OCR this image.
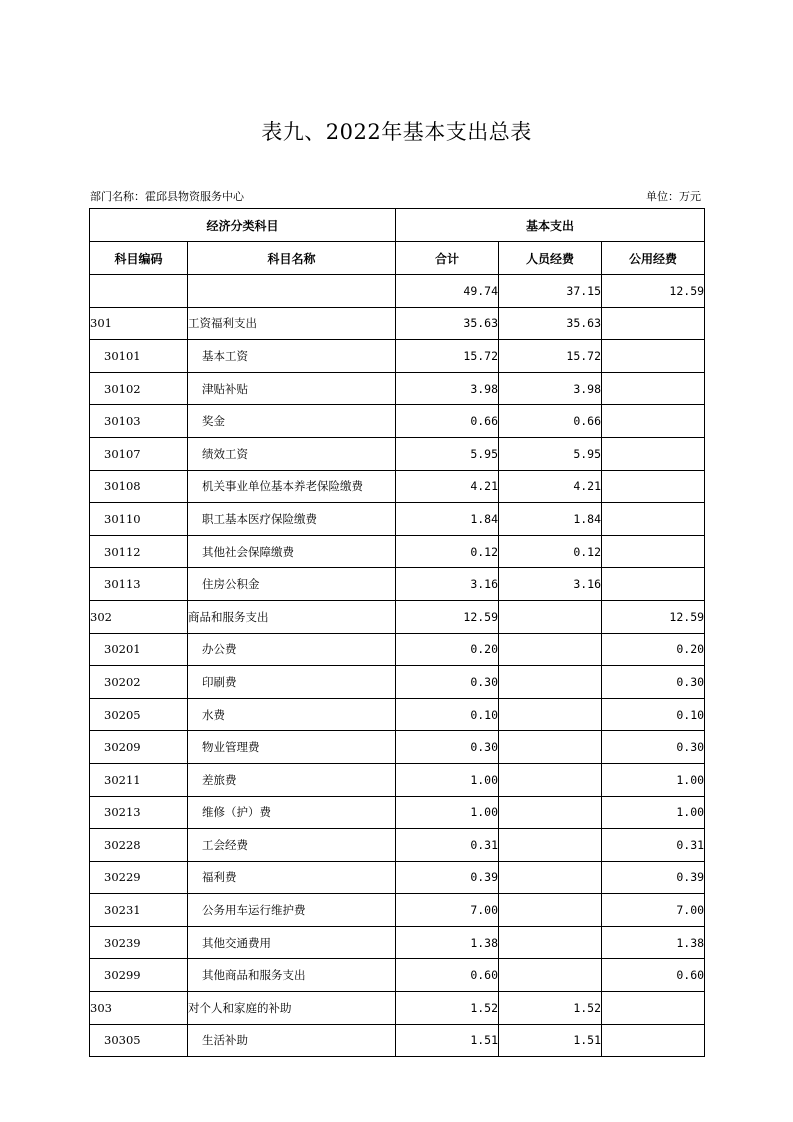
表九、2022年基本支出总表
部门名称：霍邱县物资服务中心	单位：万元
经济分类科目		基本支出		
科目编码	科目名称	合计	人员经费	公用经费
		49.74	37.15	12.59
301	工资福利支出	35.63	35.63	
30101	基本工资	15.72	15.72	
30102	津贴补贴	3.98	3.98	
30103	奖金	0.66	0.66	
30107	绩效工资	5.95	5.95	
30108	机关事业单位基本养老保险缴费	4.21	4.21	
30110	职工基本医疗保险缴费	1.84	1.84	
30112	其他社会保障缴费	0.12	0.12	
30113	住房公积金	3.16	3.16	
302	商品和服务支出	12.59		12.59
30201	办公费	0.20		0.20
30202	印刷费	0.30		0.30
30205	水费	0.10		0.10
30209	物业管理费	0.30		0.30
30211	差旅费	1.00		1.00
30213	维修（护）费	1.00		1.00
30228	工会经费	0.31		0.31
30229	福利费	0.39		0.39
30231	公务用车运行维护费	7.00		7.00
30239	其他交通费用	1.38		1.38
30299	其他商品和服务支出	0.60		0.60
303	对个人和家庭的补助	1.52	1.52	
30305	生活补助	1.51	1.51	
